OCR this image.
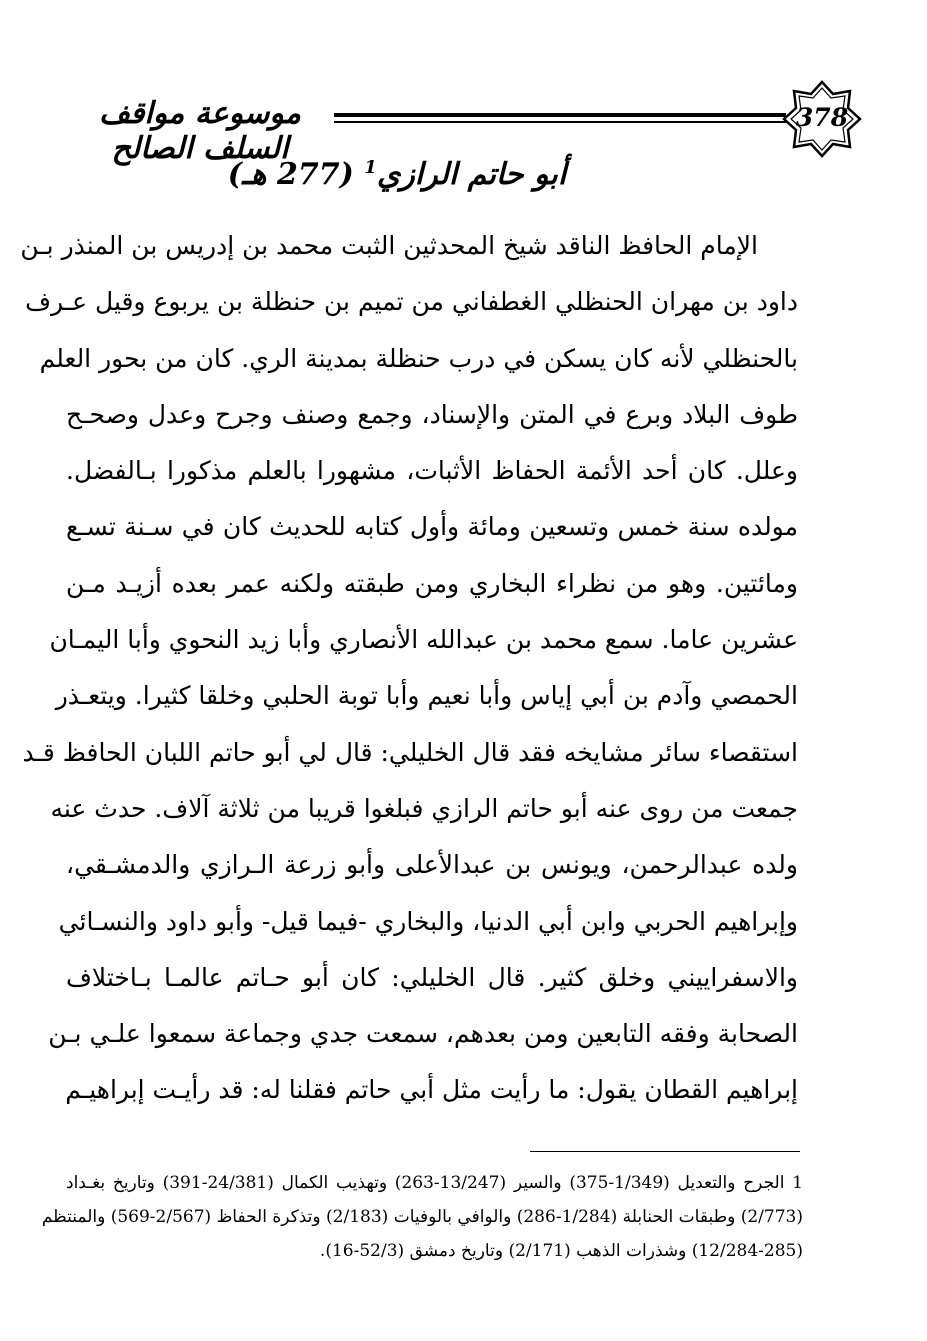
موسوعة مواقف السلف الصالح
378
أبو حاتم الرازي$^1$ (277 هـ)
الإمام الحافظ الناقد شيخ المحدثين الثبت محمد بن إدريس بن المنذر بـن
داود بن مهران الحنظلي الغطفاني من تميم بن حنظلة بن يربوع وقيل عـرف
بالحنظلي لأنه كان يسكن في درب حنظلة بمدينة الري. كان من بحور العلم
طوف البلاد وبرع في المتن والإسناد، وجمع وصنف وجرح وعدل وصحـح
وعلل. كان أحد الأئمة الحفاظ الأثبات، مشهورا بالعلم مذكورا بـالفضل.
مولده سنة خمس وتسعين ومائة وأول كتابه للحديث كان في سـنة تسـع
ومائتين. وهو من نظراء البخاري ومن طبقته ولكنه عمر بعده أزيـد مـن
عشرين عاما. سمع محمد بن عبدالله الأنصاري وأبا زيد النحوي وأبا اليمـان
الحمصي وآدم بن أبي إياس وأبا نعيم وأبا توبة الحلبي وخلقا كثيرا. ويتعـذر
استقصاء سائر مشايخه فقد قال الخليلي: قال لي أبو حاتم اللبان الحافظ قـد
جمعت من روى عنه أبو حاتم الرازي فبلغوا قريبا من ثلاثة آلاف. حدث عنه
ولده عبدالرحمن، ويونس بن عبدالأعلى وأبو زرعة الـرازي والدمشـقي،
وإبراهيم الحربي وابن أبي الدنيا، والبخاري -فيما قيل- وأبو داود والنسـائي
والاسفراييني وخلق كثير. قال الخليلي: كان أبو حـاتم عالمـا بـاختلاف
الصحابة وفقه التابعين ومن بعدهم، سمعت جدي وجماعة سمعوا علـي بـن
إبراهيم القطان يقول: ما رأيت مثل أبي حاتم فقلنا له: قد رأيـت إبراهيـم
1 الجرح والتعديل (1/349-375) والسير (13/247-263) وتهذيب الكمال (24/381-391) وتاريخ بغـداد
(2/773) وطبقات الحنابلة (1/284-286) والوافي بالوفيات (2/183) وتذكرة الحفاظ (2/567-569) والمنتظم
(12/284-285) وشذرات الذهب (2/171) وتاريخ دمشق (52/3-16).
